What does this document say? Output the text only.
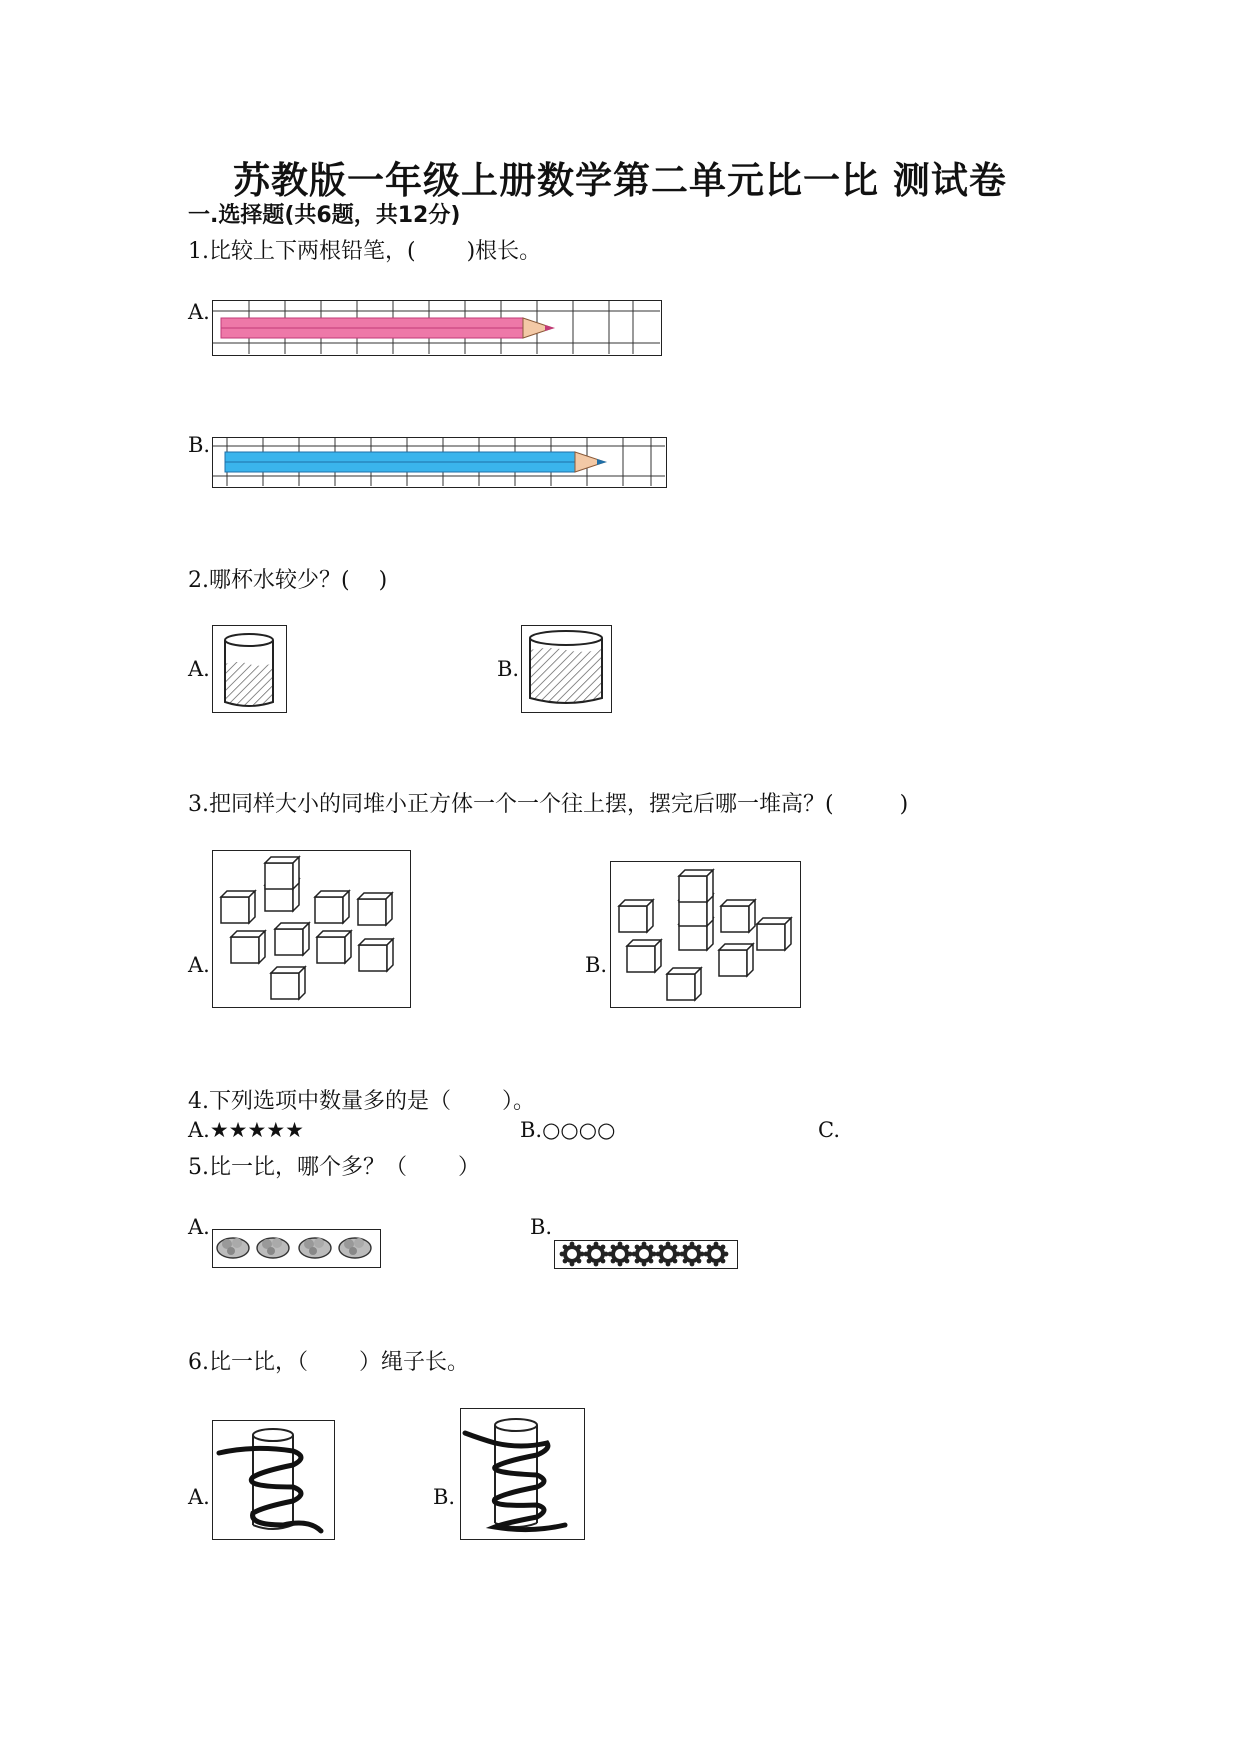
苏教版一年级上册数学第二单元比一比 测试卷
一.选择题(共6题，共12分)
1.比较上下两根铅笔，(　　 )根长。
A.
B.
2.哪杯水较少？(　 )
A.	B.
3.把同样大小的同堆小正方体一个一个往上摆，摆完后哪一堆高？(　　　)
A.	B.
4.下列选项中数量多的是（　　 ）。
A.★★★★★	B.○○○○	C.
5.比一比，哪个多？（　　 ）
A.	B.
6.比一比，（　　 ）绳子长。
A.	B.
